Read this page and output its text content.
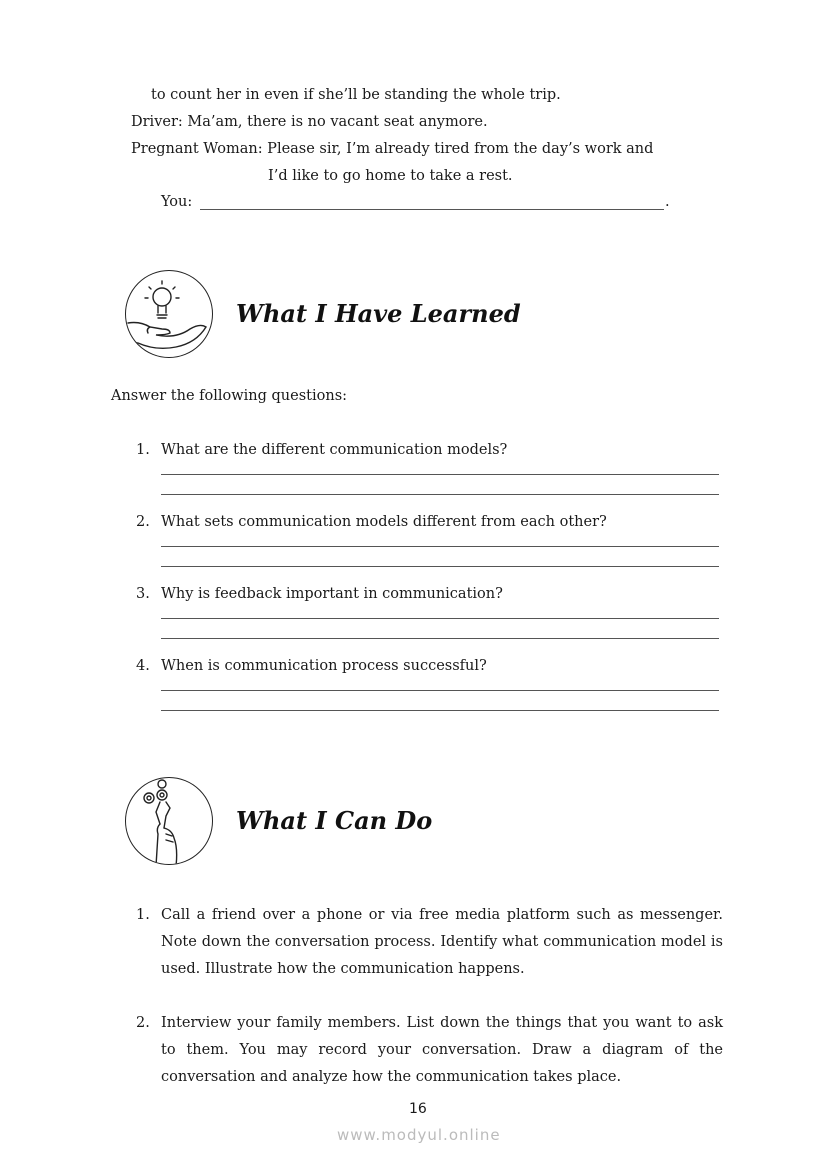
to count her in even if she’ll be standing the whole trip.
Driver: Ma’am, there is no vacant seat anymore.
Pregnant Woman: Please sir, I’m already tired from the day’s work and
I’d like to go home to take a rest.
You:	.
What I Have Learned
Answer the following questions:
1. What are the different communication models?
2. What sets communication models different from each other?
3. Why is feedback important in communication?
4. When is communication process successful?
What I Can Do
1. Call a friend over a phone or via free media platform such as messenger.
Note down the conversation process. Identify what communication model is
used. Illustrate how the communication happens.
2. Interview your family members. List down the things that you want to ask
to them. You may record your conversation. Draw a diagram of the
conversation and analyze how the communication takes place.
16
www.modyul.online
